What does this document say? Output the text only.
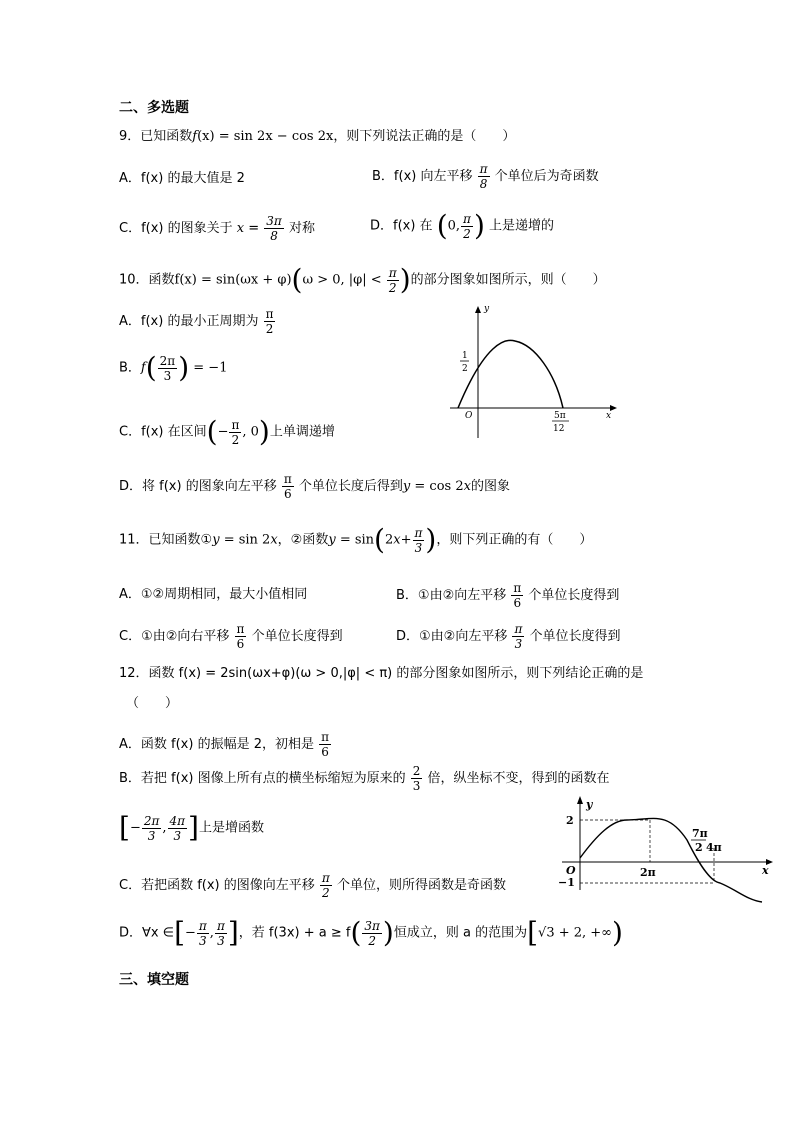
二、多选题
9．已知函数f(x) = sin 2x − cos 2x，则下列说法正确的是（　　）
A．f(x) 的最大值是 2	B．f(x) 向左平移 $\frac{\pi}{8}$ 个单位后为奇函数
C．f(x) 的图象关于 $x = \frac{3\pi}{8}$ 对称	D．f(x) 在 (0, $\frac{\pi}{2}$ ) 上是递增的
10．函数f(x) = sin(ωx + φ)(ω > 0, $|\varphi| < \frac{\pi}{2}$ )的部分图象如图所示，则（　　）
A．f(x) 的最小正周期为 $\frac{\pi}{2}$
B．$f( \frac{2\pi}{3}$ ) = −1
C．f(x) 在区间(− $\frac{\pi}{2}$ , 0)上单调递增
D．将 f(x) 的图象向左平移 $\frac{\pi}{6}$ 个单位长度后得到y = cos 2x的图象
y
x
O
1
2
5π
12
11．已知函数①y = sin 2x，②函数$y = \sin(2x+ \frac{\pi}{3}$ )，则下列正确的有（　　）
A．①②周期相同，最大小值相同	B．①由②向左平移 $\frac{\pi}{6}$ 个单位长度得到
C．①由②向右平移 $\frac{\pi}{6}$ 个单位长度得到	D．①由②向左平移 $\frac{\pi}{3}$ 个单位长度得到
12．函数 f(x) = 2sin(ωx+φ)(ω > 0,|φ| < π) 的部分图象如图所示，则下列结论正确的是
（　　）
A．函数 f(x) 的振幅是 2，初相是 $\frac{\pi}{6}$
B．若把 f(x) 图像上所有点的横坐标缩短为原来的 $\frac{2}{3}$ 倍，纵坐标不变，得到的函数在
[− $\frac{2\pi}{3}$ , $\frac{4\pi}{3}$ ]上是增函数
C．若把函数 f(x) 的图像向左平移 $\frac{\pi}{2}$ 个单位，则所得函数是奇函数
D．∀x ∈[− $\frac{\pi}{3}$ , $\frac{\pi}{3}$ ]，若 $f(3x) + a \ge f( \frac{3\pi}{2}$ )恒成立，则 a 的范围为[√3 + 2, +∞)
y
x
O
2
−1
2π
7π
2 4π
三、填空题
